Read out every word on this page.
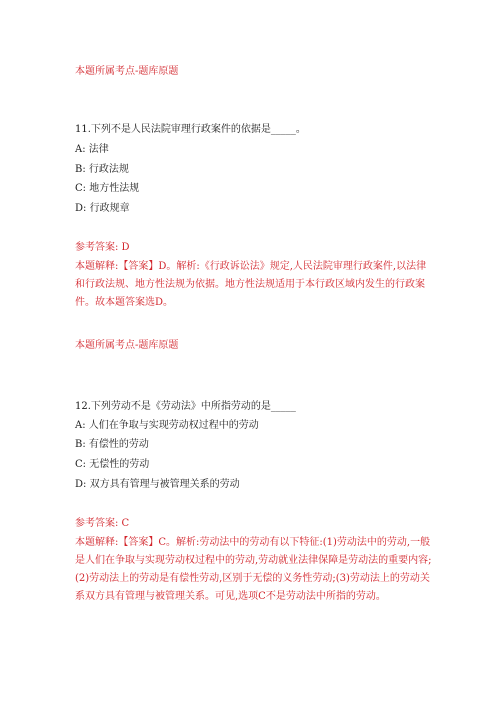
本题所属考点-题库原题
11.下列不是人民法院审理行政案件的依据是_____。
A: 法律
B: 行政法规
C: 地方性法规
D: 行政规章
参考答案: D
本题解释:【答案】D。解析:《行政诉讼法》规定,人民法院审理行政案件,以法律和行政法规、地方性法规为依据。地方性法规适用于本行政区域内发生的行政案件。故本题答案选D。
本题所属考点-题库原题
12.下列劳动不是《劳动法》中所指劳动的是_____
A: 人们在争取与实现劳动权过程中的劳动
B: 有偿性的劳动
C: 无偿性的劳动
D: 双方具有管理与被管理关系的劳动
参考答案: C
本题解释:【答案】C。解析:劳动法中的劳动有以下特征:(1)劳动法中的劳动,一般是人们在争取与实现劳动权过程中的劳动,劳动就业法律保障是劳动法的重要内容;(2)劳动法上的劳动是有偿性劳动,区别于无偿的义务性劳动;(3)劳动法上的劳动关系双方具有管理与被管理关系。可见,选项C不是劳动法中所指的劳动。
